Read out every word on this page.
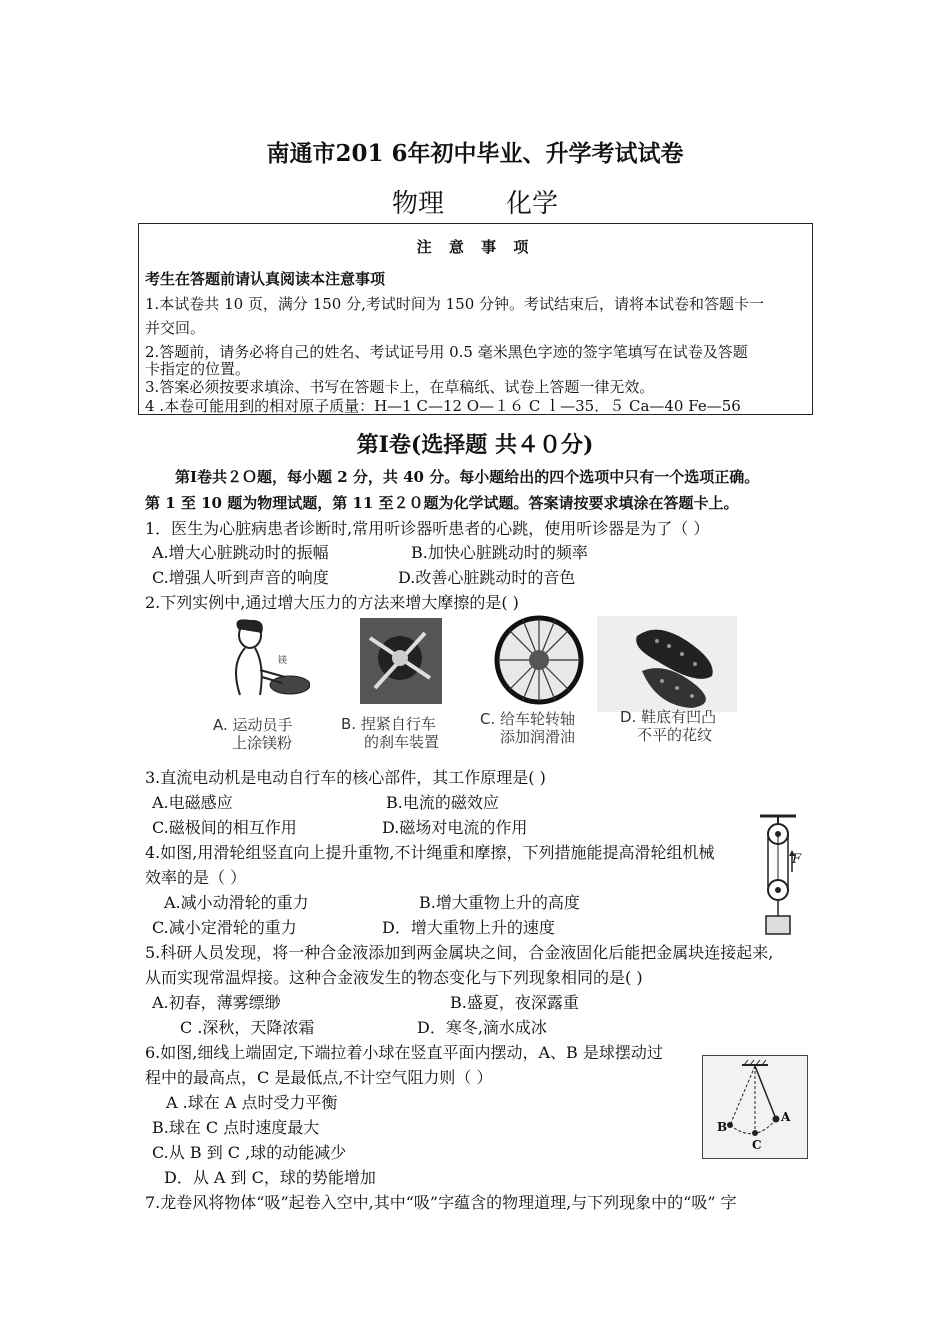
南通市201 6年初中毕业、升学考试试卷
物理 化学
注 意 事 项
考生在答题前请认真阅读本注意事项
1.本试卷共 10 页，满分 150 分,考试时间为 150 分钟。考试结束后，请将本试卷和答题卡一
并交回。
2.答题前，请务必将自己的姓名、考试证号用 0.5 毫米黑色字迹的签字笔填写在试卷及答题
卡指定的位置。
3.答案必须按要求填涂、书写在答题卡上，在草稿纸、试卷上答题一律无效。
4 .本卷可能用到的相对原子质量：H—1 C—12 O—１６ C ｌ—35．５ Ca—40 Fe—56
第Ⅰ卷(选择题 共４０分)
第Ⅰ卷共２Ｏ题，每小题 2 分，共 40 分。每小题给出的四个选项中只有一个选项正确。
第 1 至 10 题为物理试题，第 11 至２０题为化学试题。答案请按要求填涂在答题卡上。
1．医生为心脏病患者诊断时,常用听诊器听患者的心跳，使用听诊器是为了（ ）
A.增大心脏跳动时的振幅	B.加快心脏跳动时的频率
C.增强人听到声音的响度	D.改善心脏跳动时的音色
2.下列实例中,通过增大压力的方法来增大摩擦的是( )
镁
A. 运动员手
上涂镁粉
B. 捏紧自行车
的刹车装置
C. 给车轮转轴
添加润滑油
D. 鞋底有凹凸
不平的花纹
3.直流电动机是电动自行车的核心部件，其工作原理是( )
A.电磁感应	B.电流的磁效应
C.磁极间的相互作用	D.磁场对电流的作用
4.如图,用滑轮组竖直向上提升重物,不计绳重和摩擦，下列措施能提高滑轮组机械
效率的是（ ）
A.减小动滑轮的重力	B.增大重物上升的高度
C.减小定滑轮的重力	D．增大重物上升的速度
F
5.科研人员发现，将一种合金液添加到两金属块之间，合金液固化后能把金属块连接起来,
从而实现常温焊接。这种合金液发生的物态变化与下列现象相同的是( )
A.初春，薄雾缥缈	B.盛夏，夜深露重
C .深秋，天降浓霜	D．寒冬,滴水成冰
6.如图,细线上端固定,下端拉着小球在竖直平面内摆动，A、B 是球摆动过
程中的最高点，C 是最低点,不计空气阻力则（ ）
A .球在 A 点时受力平衡
B.球在 C 点时速度最大
C.从 B 到 C ,球的动能减少
D．从 A 到 C，球的势能增加
A
B
C
7.龙卷风将物体“吸”起卷入空中,其中“吸”字蕴含的物理道理,与下列现象中的“吸” 字
